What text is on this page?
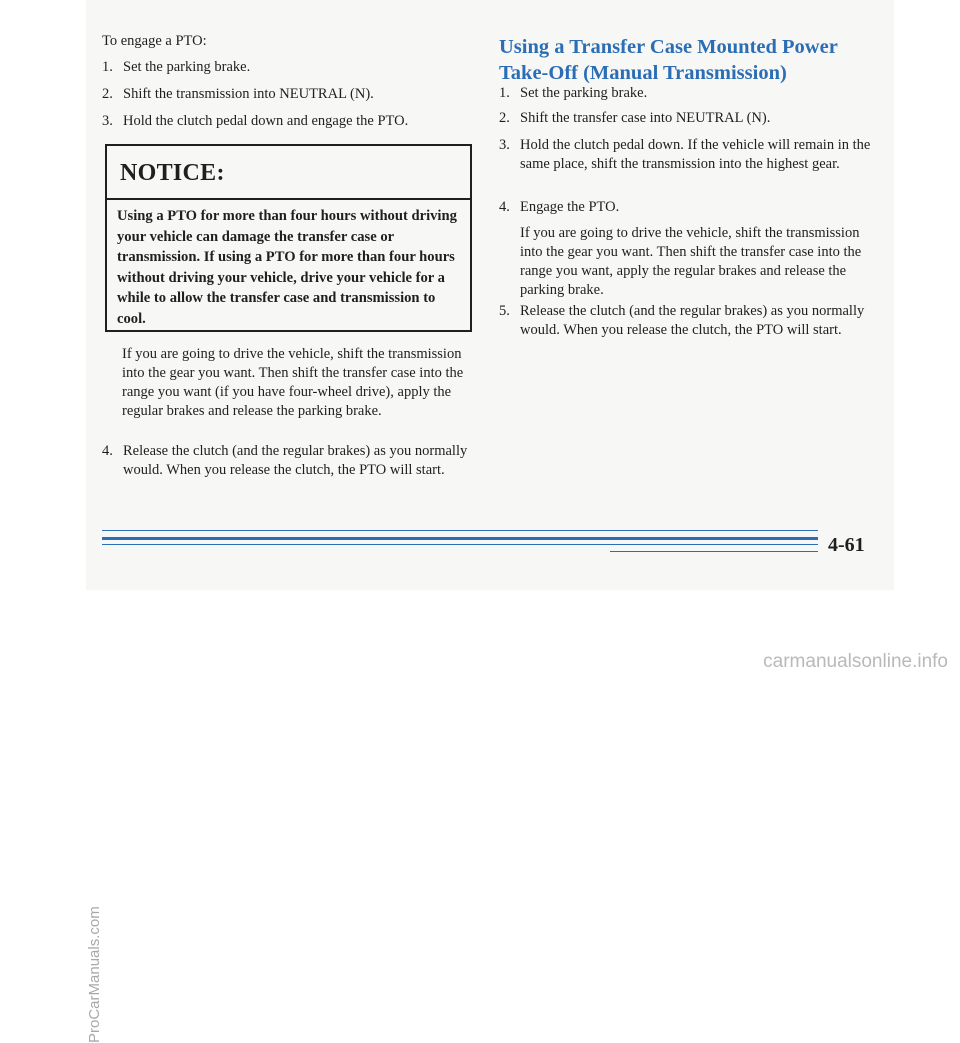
To engage a PTO:

1. Set the parking brake.
2. Shift the transmission into NEUTRAL (N).
3. Hold the clutch pedal down and engage the PTO.
NOTICE:
Using a PTO for more than four hours without driving your vehicle can damage the transfer case or transmission. If using a PTO for more than four hours without driving your vehicle, drive your vehicle for a while to allow the transfer case and transmission to cool.

If you are going to drive the vehicle, shift the transmission into the gear you want. Then shift the transfer case into the range you want (if you have four-wheel drive), apply the regular brakes and release the parking brake.

4. Release the clutch (and the regular brakes) as you normally would. When you release the clutch, the PTO will start.
Using a Transfer Case Mounted Power Take-Off (Manual Transmission)
1. Set the parking brake.
2. Shift the transfer case into NEUTRAL (N).
3. Hold the clutch pedal down. If the vehicle will remain in the same place, shift the transmission into the highest gear.
4. Engage the PTO.

If you are going to drive the vehicle, shift the transmission into the gear you want. Then shift the transfer case into the range you want, apply the regular brakes and release the parking brake.

5. Release the clutch (and the regular brakes) as you normally would. When you release the clutch, the PTO will start.
4-61
ProCarManuals.com
carmanualsonline.info
